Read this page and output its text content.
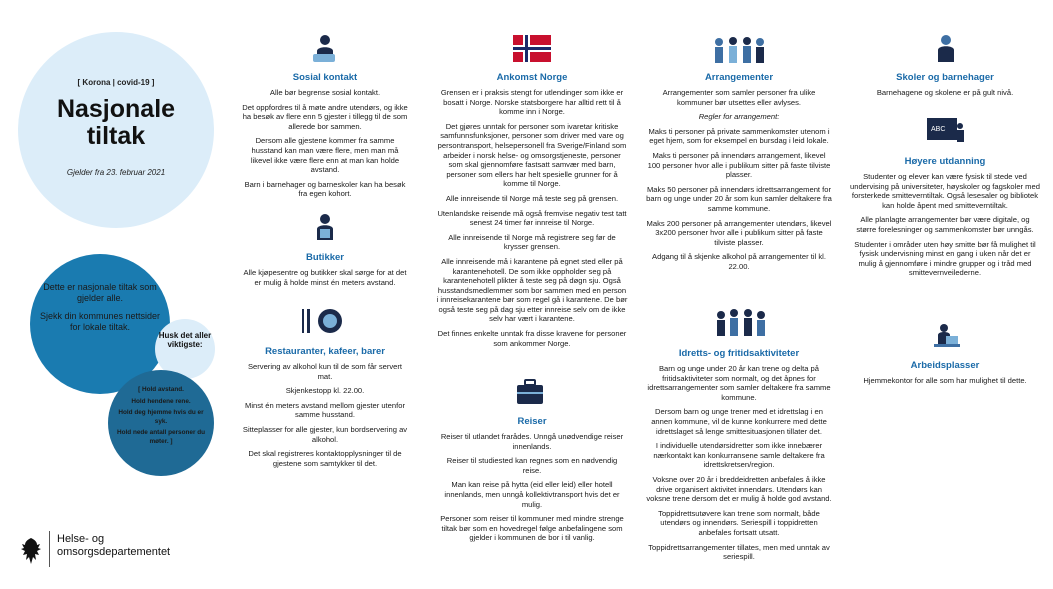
[ Korona | covid-19 ]
Nasjonale
tiltak
Gjelder fra 23. februar 2021

Dette er nasjonale tiltak som gjelder alle.

Sjekk din kommunes nettsider for lokale tiltak.

Husk det aller viktigste:

[ Hold avstand.

Hold hendene rene.

Hold deg hjemme hvis du er syk.

Hold nede antall personer du møter. ]

Helse- og
omsorgsdepartementet
Sosial kontakt

Alle bør begrense sosial kontakt.

Det oppfordres til å møte andre utendørs, og ikke ha besøk av flere enn 5 gjester i tillegg til de som allerede bor sammen.

Dersom alle gjestene kommer fra samme husstand kan man være flere, men man må likevel ikke være flere enn at man kan holde avstand.

Barn i barnehager og barneskoler kan ha besøk fra egen kohort.

Butikker

Alle kjøpesentre og butikker skal sørge for at det er mulig å holde minst én meters avstand.

Restauranter, kafeer, barer

Servering av alkohol kun til de som får servert mat.

Skjenkestopp kl. 22.00.

Minst én meters avstand mellom gjester utenfor samme husstand.

Sitteplasser for alle gjester, kun bordservering av alkohol.

Det skal registreres kontaktopplysninger til de gjestene som samtykker til det.

Ankomst Norge

Grensen er i praksis stengt for utlendinger som ikke er bosatt i Norge. Norske statsborgere har alltid rett til å komme inn i Norge.

Det gjøres unntak for personer som ivaretar kritiske samfunnsfunksjoner, personer som driver med vare og persontransport, helsepersonell fra Sverige/Finland som arbeider i norsk helse- og omsorgstjeneste, personer som skal gjennomføre fastsatt samvær med barn, personer som ellers har helt spesielle grunner for å komme til Norge.

Alle innreisende til Norge må teste seg på grensen.

Utenlandske reisende må også fremvise negativ test tatt senest 24 timer før innreise til Norge.

Alle innreisende til Norge må registrere seg før de krysser grensen.

Alle innreisende må i karantene på egnet sted eller på karantenehotell. De som ikke oppholder seg på karantenehotell plikter å teste seg på døgn sju. Også husstandsmedlemmer som bor sammen med en person i innreisekarantene bør som regel gå i karantene. De bør også teste seg på dag sju etter innreise selv om de ikke selv har vært i karantene.

Det finnes enkelte unntak fra disse kravene for personer som ankommer Norge.

Reiser

Reiser til utlandet frarådes. Unngå unødvendige reiser innenlands.

Reiser til studiested kan regnes som en nødvendig reise.

Man kan reise på hytta (eid eller leid) eller hotell innenlands, men unngå kollektivtransport hvis det er mulig.

Personer som reiser til kommuner med mindre strenge tiltak bør som en hovedregel følge anbefalingene som gjelder i kommunen de bor i til vanlig.

Arrangementer

Arrangementer som samler personer fra ulike kommuner bør utsettes eller avlyses.

Regler for arrangement:

Maks ti personer på private sammenkomster utenom i eget hjem, som for eksempel en bursdag i leid lokale.

Maks ti personer på innendørs arrangement, likevel 100 personer hvor alle i publikum sitter på faste tilviste plasser.

Maks 50 personer på innendørs idrettsarrangement for barn og unge under 20 år som kun samler deltakere fra samme kommune.

Maks 200 personer på arrangementer utendørs, likevel 3x200 personer hvor alle i publikum sitter på faste tilviste plasser.

Adgang til å skjenke alkohol på arrangementer til kl. 22.00.

Idretts- og fritidsaktiviteter

Barn og unge under 20 år kan trene og delta på fritidsaktiviteter som normalt, og det åpnes for idrettsarrangementer som samler deltakere fra samme kommune.

Dersom barn og unge trener med et idrettslag i en annen kommune, vil de kunne konkurrere med dette idrettslaget så lenge smittesituasjonen tillater det.

I individuelle utendørsidretter som ikke innebærer nærkontakt kan konkurransene samle deltakere fra idrettskretsen/region.

Voksne over 20 år i breddeidretten anbefales å ikke drive organisert aktivitet innendørs. Utendørs kan voksne trene dersom det er mulig å holde god avstand.

Toppidrettsutøvere kan trene som normalt, både utendørs og innendørs. Seriespill i toppidretten anbefales fortsatt utsatt.

Toppidrettsarrangementer tillates, men med unntak av seriespill.

Skoler og barnehager

Barnehagene og skolene er på gult nivå.

ABC
Høyere utdanning

Studenter og elever kan være fysisk til stede ved undervising på universiteter, høyskoler og fagskoler med forsterkede smitteverntiltak. Også lesesaler og bibliotek kan holde åpent med smitteverntiltak.

Alle planlagte arrangementer bør være digitale, og større forelesninger og sammenkomster bør unngås.

Studenter i områder uten høy smitte bør få mulighet til fysisk undervisning minst en gang i uken når det er mulig å gjennomføre i mindre grupper og i tråd med smittevernveilederne.

Arbeidsplasser

Hjemmekontor for alle som har mulighet til dette.
